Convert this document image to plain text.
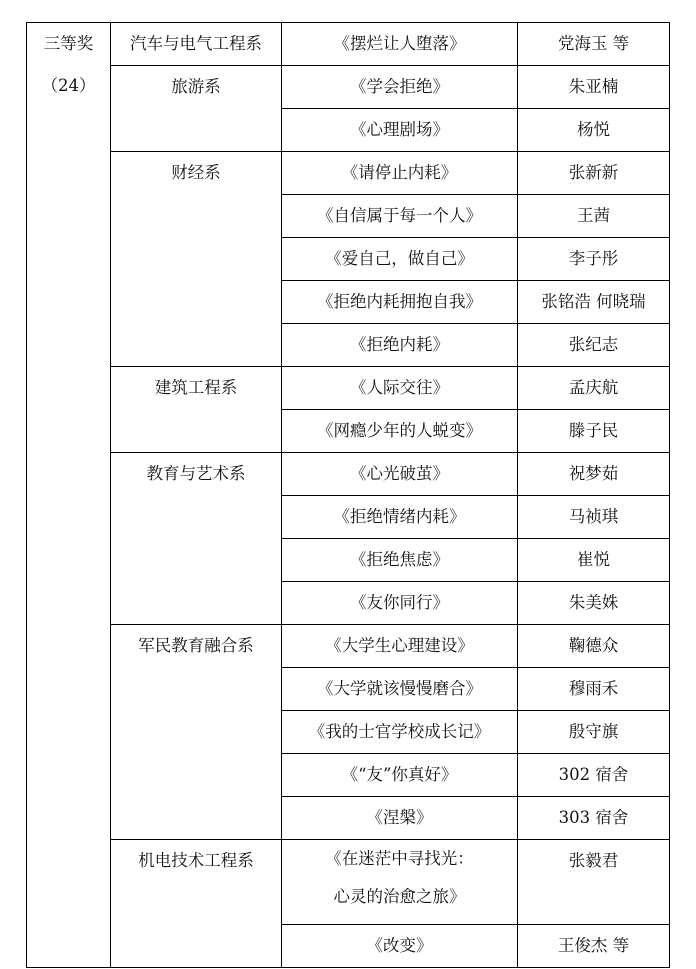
三等奖
（24）	汽车与电气工程系	《摆烂让人堕落》	党海玉 等
	旅游系	《学会拒绝》	朱亚楠
		《心理剧场》	杨悦
	财经系	《请停止内耗》	张新新
		《自信属于每一个人》	王茜
		《爱自己，做自己》	李子彤
		《拒绝内耗拥抱自我》	张铭浩 何晓瑞
		《拒绝内耗》	张纪志
	建筑工程系	《人际交往》	孟庆航
		《网瘾少年的人蜕变》	滕子民
	教育与艺术系	《心光破茧》	祝梦茹
		《拒绝情绪内耗》	马祯琪
		《拒绝焦虑》	崔悦
		《友你同行》	朱美姝
	军民教育融合系	《大学生心理建设》	鞠德众
		《大学就该慢慢磨合》	穆雨禾
		《我的士官学校成长记》	殷守旗
		《“友”你真好》	302 宿舍
		《涅槃》	303 宿舍
	机电技术工程系	《在迷茫中寻找光：
心灵的治愈之旅》	张毅君
		《改变》	王俊杰 等
